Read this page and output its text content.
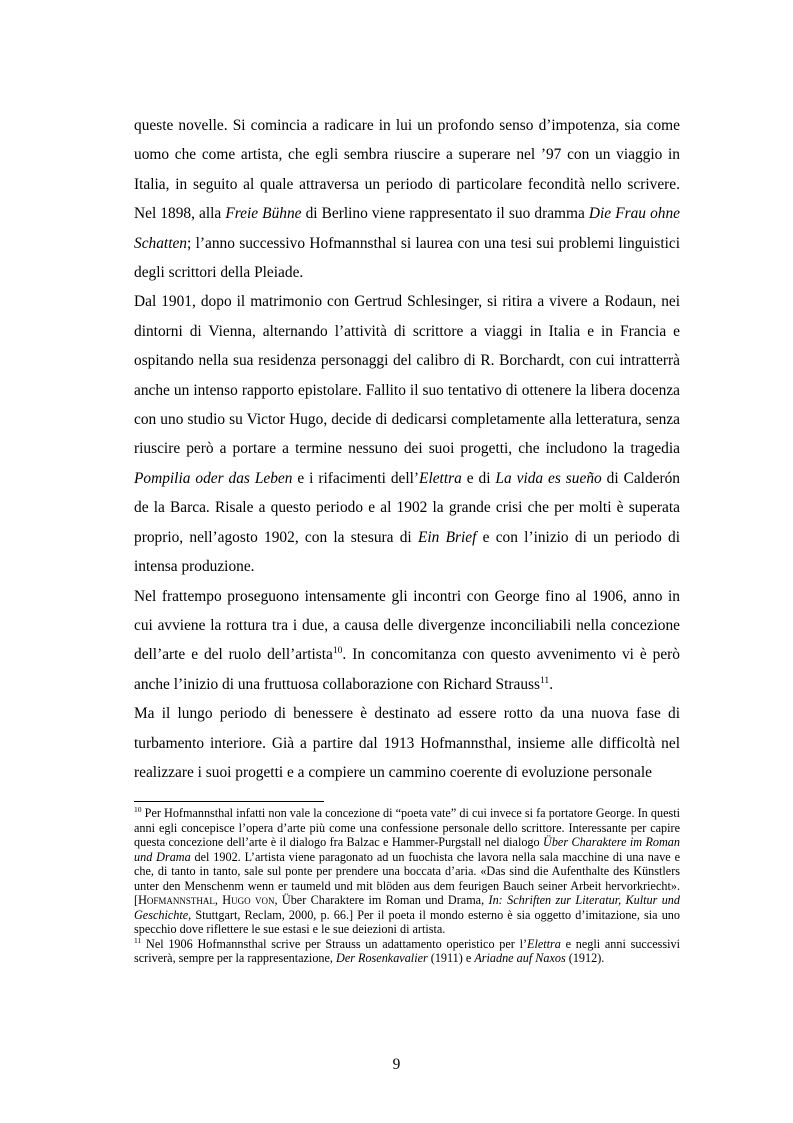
queste novelle. Si comincia a radicare in lui un profondo senso d’impotenza, sia come uomo che come artista, che egli sembra riuscire a superare nel ’97 con un viaggio in Italia, in seguito al quale attraversa un periodo di particolare fecondità nello scrivere. Nel 1898, alla Freie Bühne di Berlino viene rappresentato il suo dramma Die Frau ohne Schatten; l’anno successivo Hofmannsthal si laurea con una tesi sui problemi linguistici degli scrittori della Pleiade.

Dal 1901, dopo il matrimonio con Gertrud Schlesinger, si ritira a vivere a Rodaun, nei dintorni di Vienna, alternando l’attività di scrittore a viaggi in Italia e in Francia e ospitando nella sua residenza personaggi del calibro di R. Borchardt, con cui intratterrà anche un intenso rapporto epistolare. Fallito il suo tentativo di ottenere la libera docenza con uno studio su Victor Hugo, decide di dedicarsi completamente alla letteratura, senza riuscire però a portare a termine nessuno dei suoi progetti, che includono la tragedia Pompilia oder das Leben e i rifacimenti dell’Elettra e di La vida es sueño di Calderón de la Barca. Risale a questo periodo e al 1902 la grande crisi che per molti è superata proprio, nell’agosto 1902, con la stesura di Ein Brief e con l’inizio di un periodo di intensa produzione.

Nel frattempo proseguono intensamente gli incontri con George fino al 1906, anno in cui avviene la rottura tra i due, a causa delle divergenze inconciliabili nella concezione dell’arte e del ruolo dell’artista$^{10}$. In concomitanza con questo avvenimento vi è però anche l’inizio di una fruttuosa collaborazione con Richard Strauss$^{11}$.

Ma il lungo periodo di benessere è destinato ad essere rotto da una nuova fase di turbamento interiore. Già a partire dal 1913 Hofmannsthal, insieme alle difficoltà nel realizzare i suoi progetti e a compiere un cammino coerente di evoluzione personale

$^{10}$ Per Hofmannsthal infatti non vale la concezione di “poeta vate” di cui invece si fa portatore George. In questi anni egli concepisce l’opera d’arte più come una confessione personale dello scrittore. Interessante per capire questa concezione dell’arte è il dialogo fra Balzac e Hammer-Purgstall nel dialogo Über Charaktere im Roman und Drama del 1902. L’artista viene paragonato ad un fuochista che lavora nella sala macchine di una nave e che, di tanto in tanto, sale sul ponte per prendere una boccata d’aria. «Das sind die Aufenthalte des Künstlers unter den Menschenm wenn er taumeld und mit blöden aus dem feurigen Bauch seiner Arbeit hervorkriecht». [Hofmannsthal, Hugo von, Über Charaktere im Roman und Drama, In: Schriften zur Literatur, Kultur und Geschichte, Stuttgart, Reclam, 2000, p. 66.] Per il poeta il mondo esterno è sia oggetto d’imitazione, sia uno specchio dove riflettere le sue estasi e le sue deiezioni di artista.

$^{11}$ Nel 1906 Hofmannsthal scrive per Strauss un adattamento operistico per l’Elettra e negli anni successivi scriverà, sempre per la rappresentazione, Der Rosenkavalier (1911) e Ariadne auf Naxos (1912).

9
